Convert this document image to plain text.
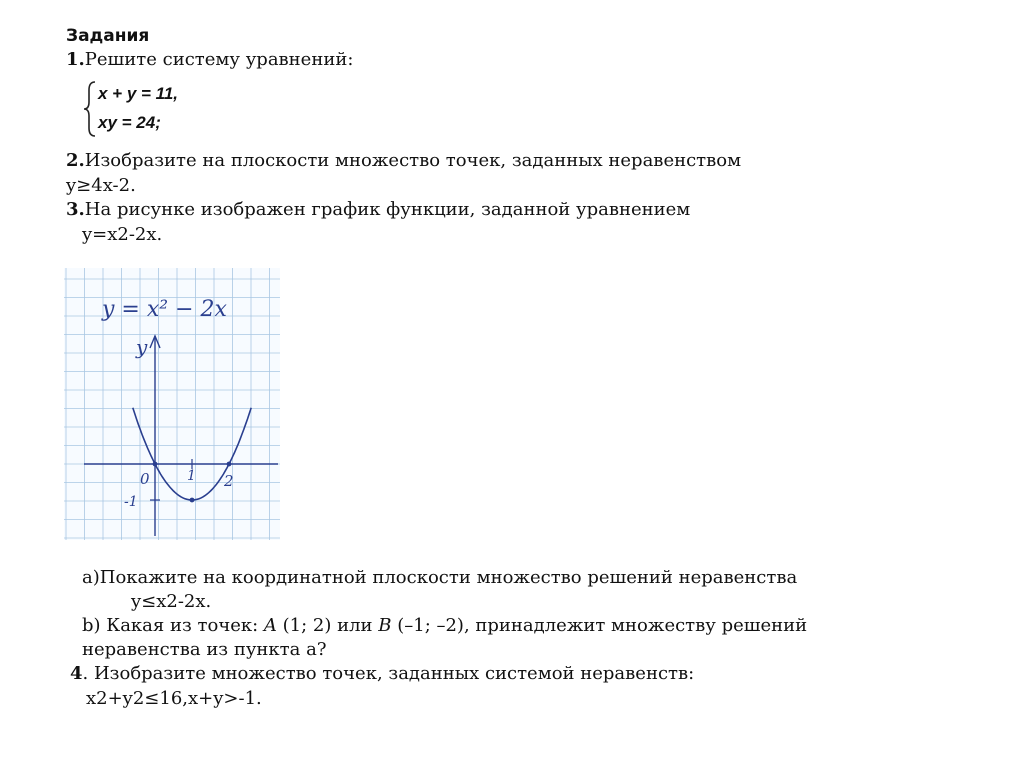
Задания
1.Решите систему уравнений:
x + y = 11,
xy = 24;
2.Изобразите на плоскости множество точек, заданных неравенством
y≥4x-2.
3.На рисунке изображен график функции, заданной уравнением
y=x2-2x.
y = x² − 2x
y
0	1 2
-1
а)Покажите на координатной плоскости множество решений неравенства
y≤x2-2x.
b) Какая из точек: A (1; 2) или B (–1; –2), принадлежит множеству решений
неравенства из пункта а?
4. Изобразите множество точек, заданных системой неравенств:
x2+y2≤16,x+y>-1.
